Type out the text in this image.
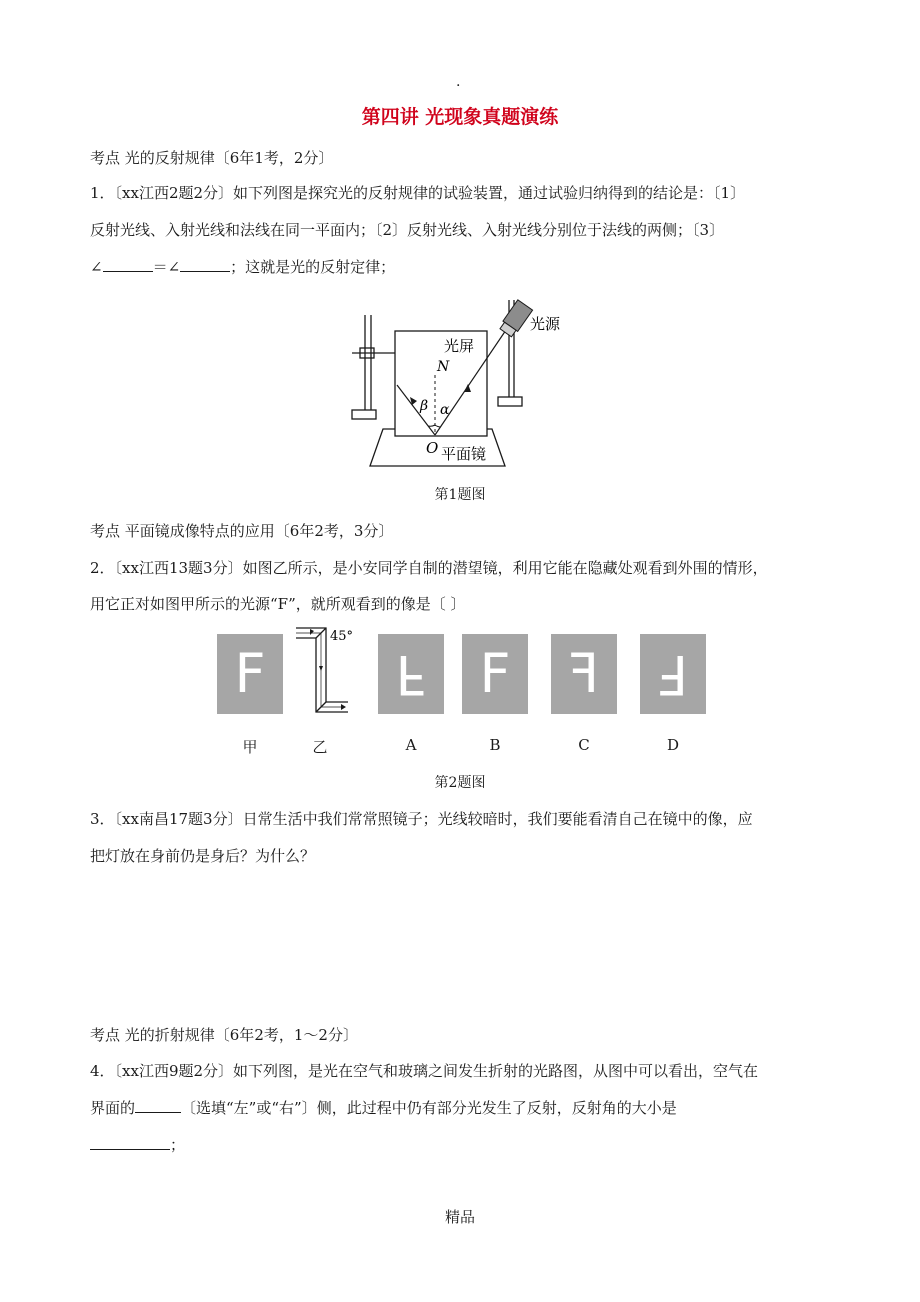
.
第四讲 光现象真题演练
考点 光的反射规律〔6年1考，2分〕
1．〔xx江西2题2分〕如下列图是探究光的反射规律的试验装置，通过试验归纳得到的结论是：〔1〕
反射光线、入射光线和法线在同一平面内；〔2〕反射光线、入射光线分别位于法线的两侧；〔3〕
∠	＝∠	；这就是光的反射定律；
光屏
光源
N
β α
O 平面镜
第1题图
考点 平面镜成像特点的应用〔6年2考，3分〕
2．〔xx江西13题3分〕如图乙所示，是小安同学自制的潜望镜，利用它能在隐藏处观看到外围的情形，
用它正对如图甲所示的光源“F”，就所观看到的像是〔 〕
F
45°
F F F F
甲	乙	A	B	C	D
第2题图
3．〔xx南昌17题3分〕日常生活中我们常常照镜子；光线较暗时，我们要能看清自己在镜中的像，应
把灯放在身前仍是身后？为什么？
考点 光的折射规律〔6年2考，1～2分〕
4．〔xx江西9题2分〕如下列图，是光在空气和玻璃之间发生折射的光路图，从图中可以看出，空气在
界面的	〔选填“左”或“右”〕侧，此过程中仍有部分光发生了反射，反射角的大小是
；
精品
